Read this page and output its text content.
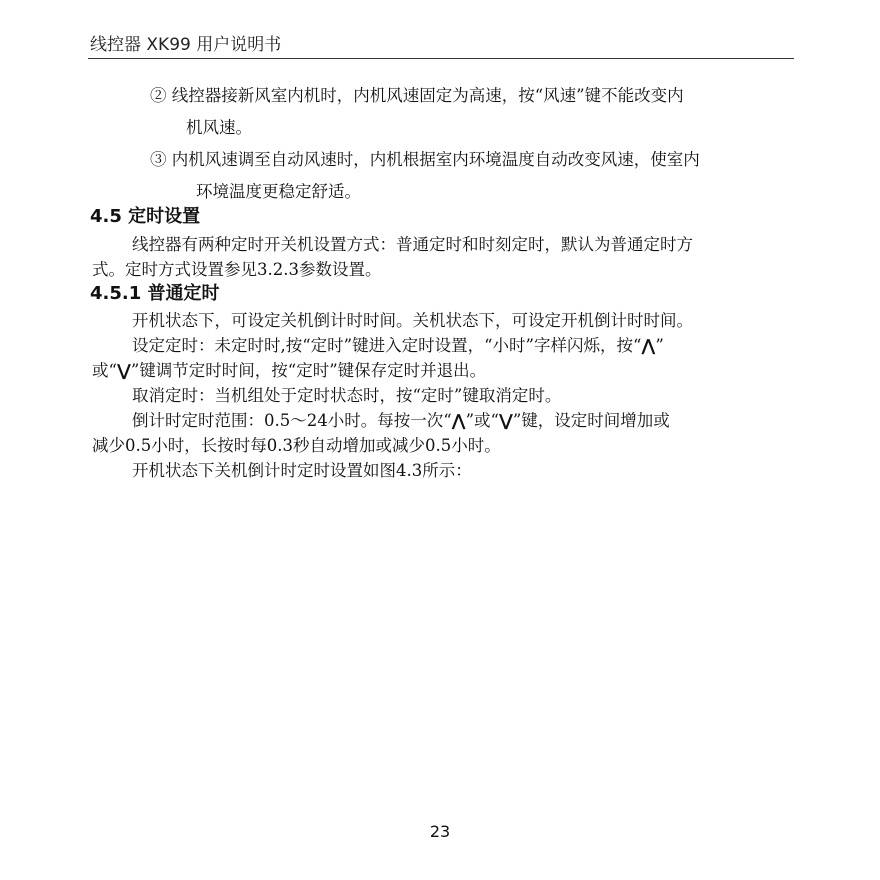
线控器 XK99 用户说明书
② 线控器接新风室内机时，内机风速固定为高速，按“风速”键不能改变内
机风速。
③ 内机风速调至自动风速时，内机根据室内环境温度自动改变风速，使室内
环境温度更稳定舒适。
4.5 定时设置
线控器有两种定时开关机设置方式：普通定时和时刻定时，默认为普通定时方
式。定时方式设置参见3.2.3参数设置。
4.5.1 普通定时
开机状态下，可设定关机倒计时时间。关机状态下，可设定开机倒计时时间。
设定定时：未定时时,按“定时”键进入定时设置，“小时”字样闪烁，按“⋀”
或“⋁”键调节定时时间，按“定时”键保存定时并退出。
取消定时：当机组处于定时状态时，按“定时”键取消定时。
倒计时定时范围：0.5～24小时。每按一次“⋀”或“⋁”键，设定时间增加或
减少0.5小时，长按时每0.3秒自动增加或减少0.5小时。
开机状态下关机倒计时定时设置如图4.3所示：
23
